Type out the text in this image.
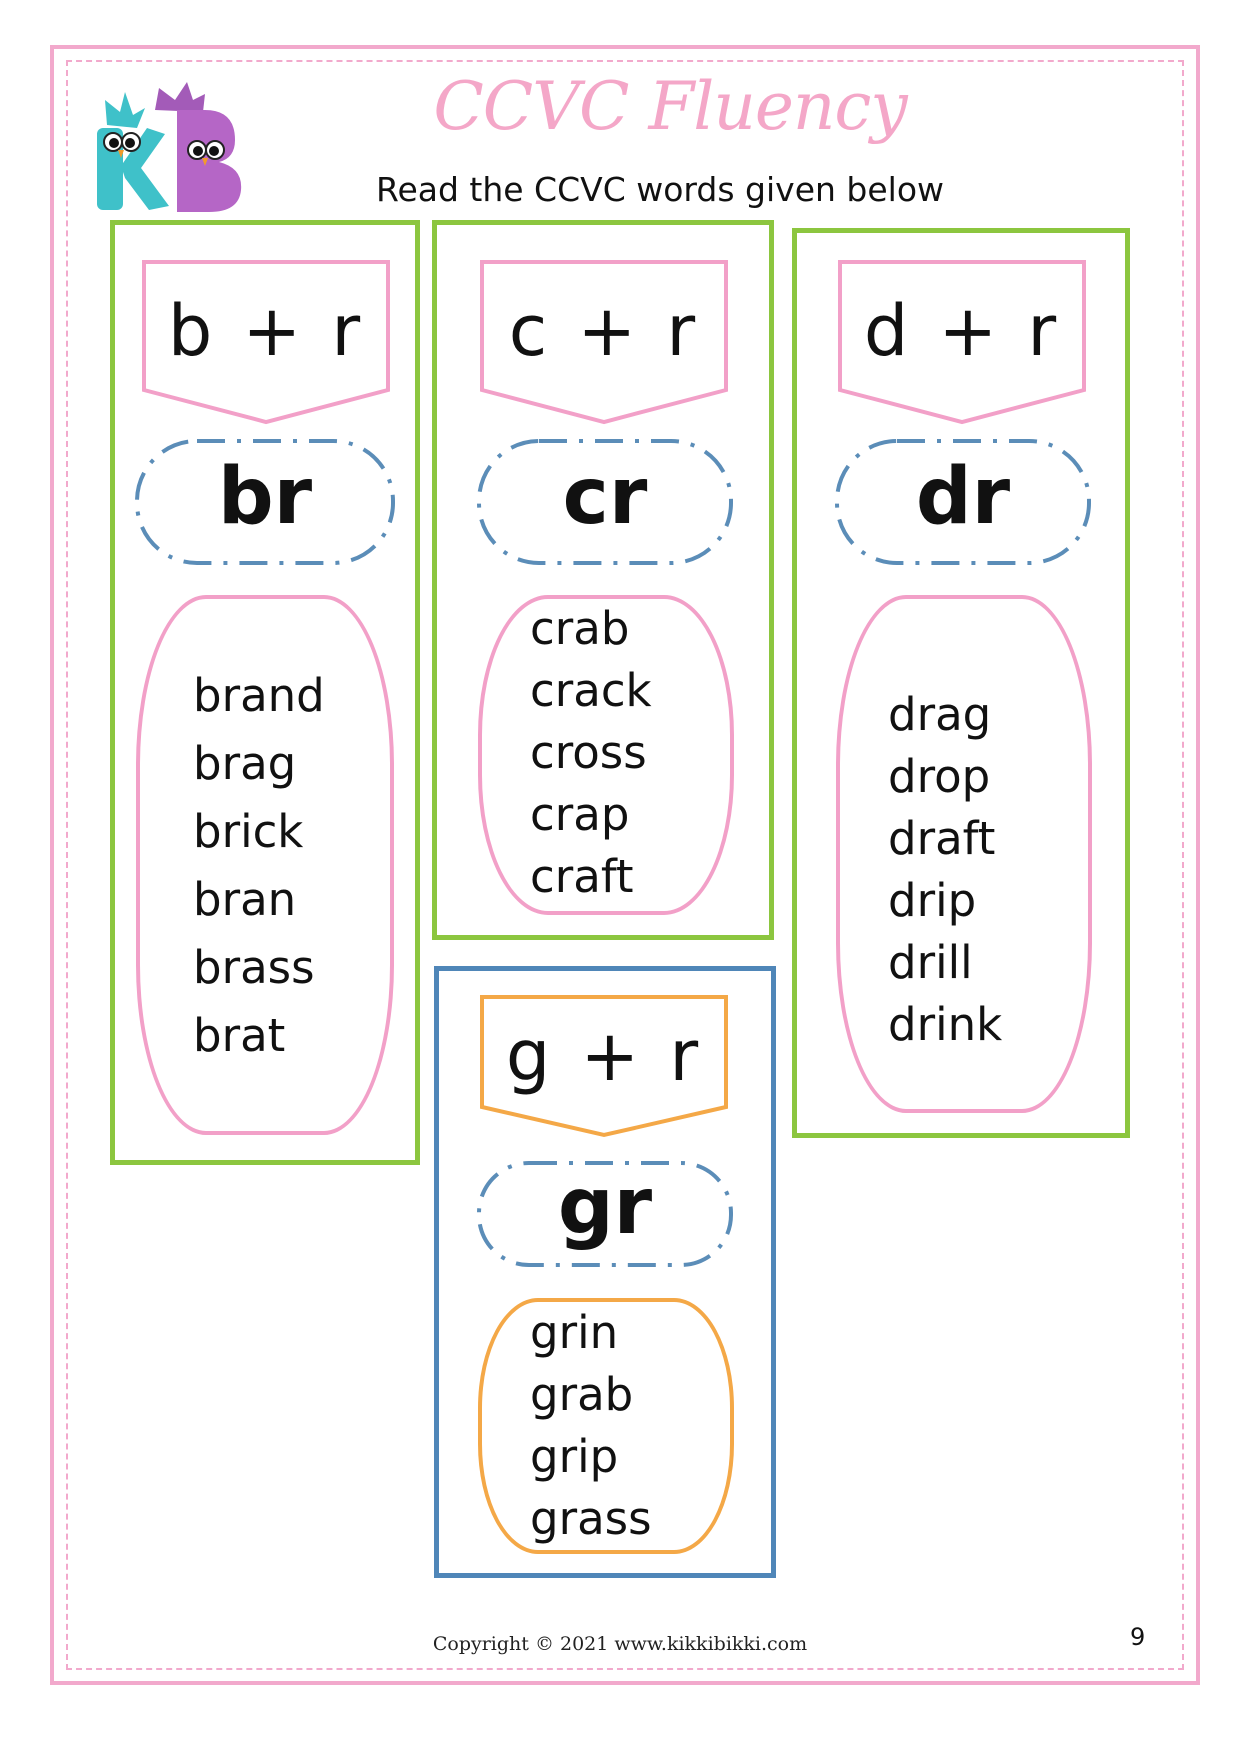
CCVC Fluency
Read the CCVC words given below
b + r
br
brand
brag
brick
bran
brass
brat
c + r
cr
crab
crack
cross
crap
craft
d + r
dr
drag
drop
draft
drip
drill
drink
g + r
gr
grin
grab
grip
grass
Copyright © 2021 www.kikkibikki.com	9
